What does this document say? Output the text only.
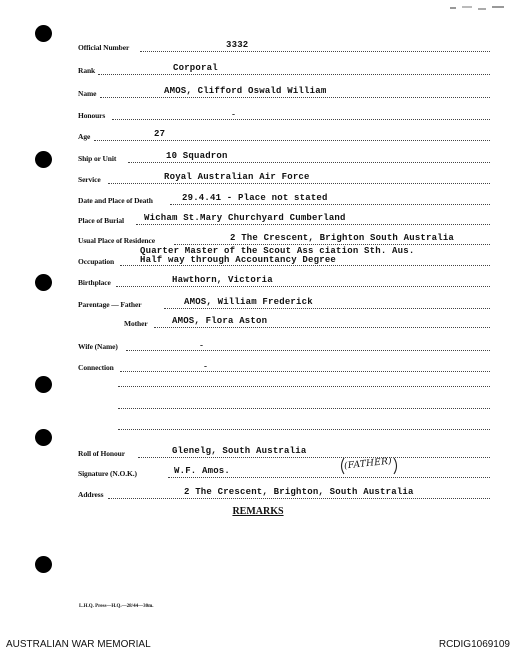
Official Number	3332
Rank	Corporal
Name	AMOS, Clifford Oswald William
Honours	-
Age	27
Ship or Unit	10 Squadron
Service	Royal Australian Air Force
Date and Place of Death	29.4.41 - Place not stated
Place of Burial Wicham St.Mary Churchyard Cumberland
Usual Place of Residence	2 The Crescent, Brighton South Australia
Occupation
Quarter Master of the Scout Ass ciation Sth. Aus.
Half way through Accountancy Degree
Birthplace	Hawthorn, Victoria
Parentage — Father	AMOS, William Frederick
Mother	AMOS, Flora Aston
Wife (Name)	-
Connection	-
Roll of Honour	Glenelg, South Australia
Signature (N.O.K.)	W.F. Amos.	(FATHER)
Address	2 The Crescent, Brighton, South Australia
REMARKS
L.H.Q. Press—H.Q.—28/44—30m.
AUSTRALIAN WAR MEMORIAL	RCDIG1069109
